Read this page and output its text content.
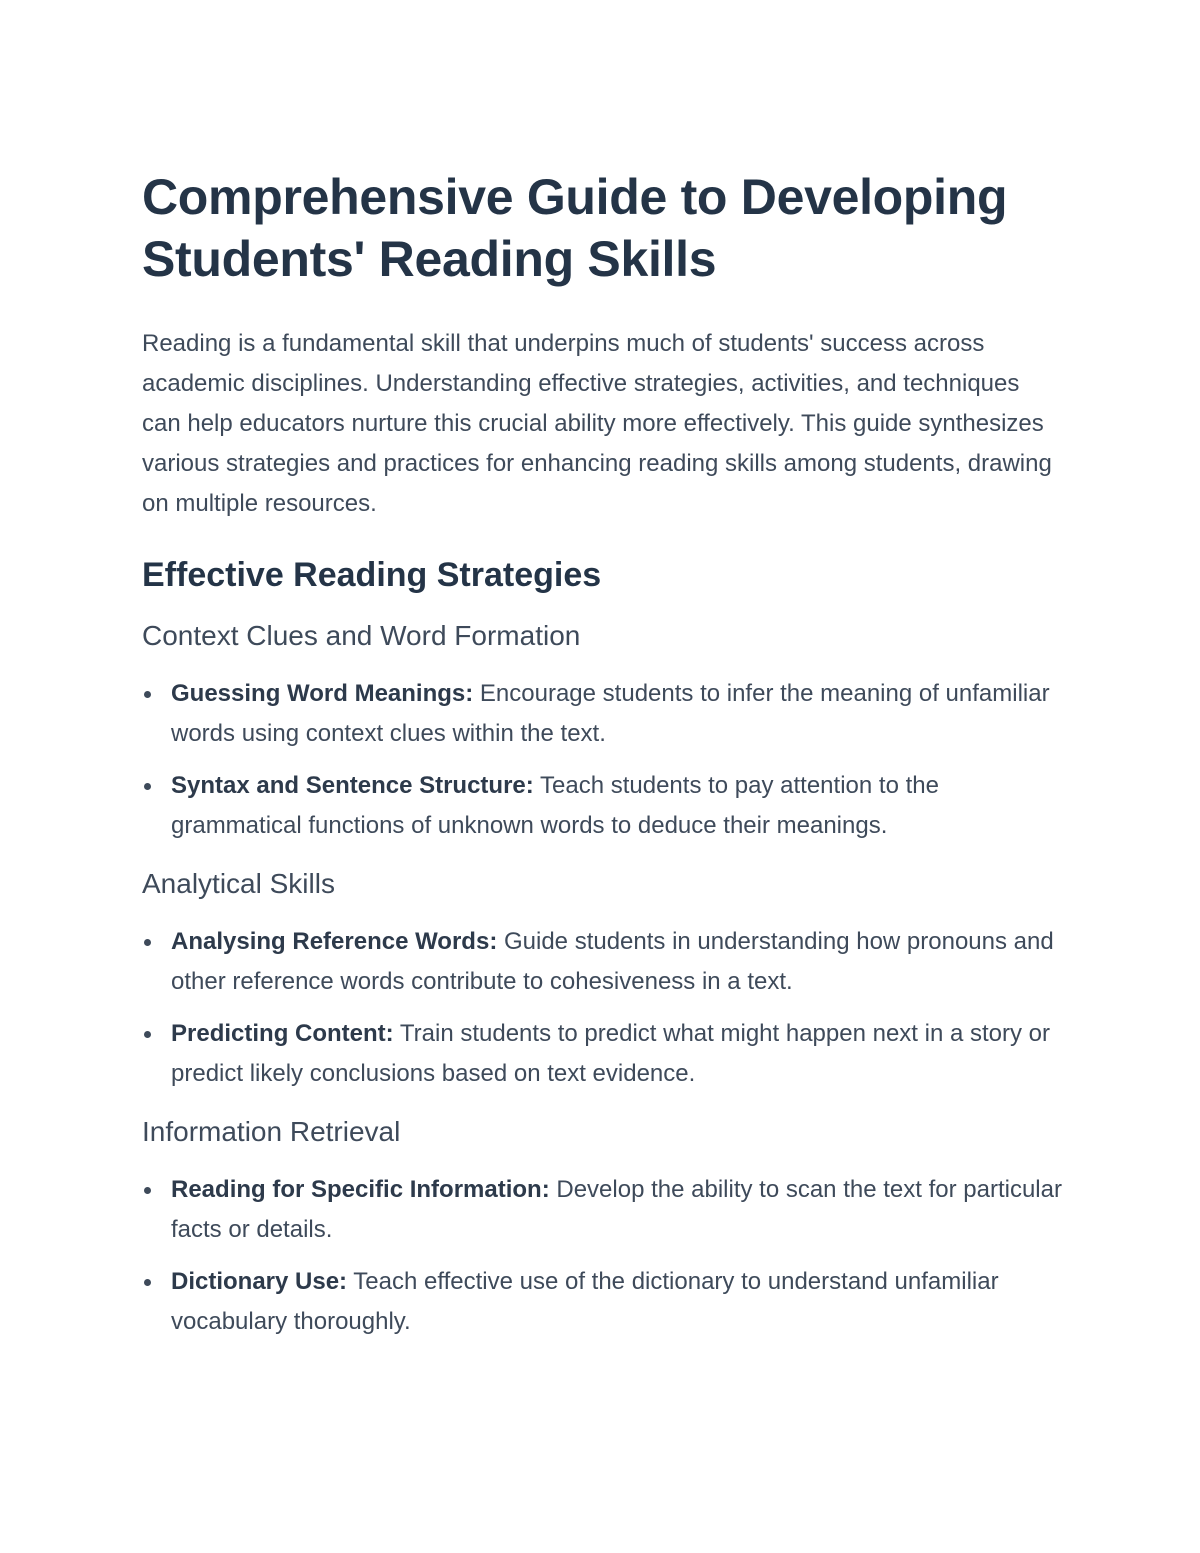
Comprehensive Guide to Developing Students' Reading Skills

Reading is a fundamental skill that underpins much of students' success across academic disciplines. Understanding effective strategies, activities, and techniques can help educators nurture this crucial ability more effectively. This guide synthesizes various strategies and practices for enhancing reading skills among students, drawing on multiple resources.

Effective Reading Strategies
Context Clues and Word Formation
Guessing Word Meanings: Encourage students to infer the meaning of unfamiliar words using context clues within the text.
Syntax and Sentence Structure: Teach students to pay attention to the grammatical functions of unknown words to deduce their meanings.
Analytical Skills
Analysing Reference Words: Guide students in understanding how pronouns and other reference words contribute to cohesiveness in a text.
Predicting Content: Train students to predict what might happen next in a story or predict likely conclusions based on text evidence.
Information Retrieval
Reading for Specific Information: Develop the ability to scan the text for particular facts or details.
Dictionary Use: Teach effective use of the dictionary to understand unfamiliar vocabulary thoroughly.
